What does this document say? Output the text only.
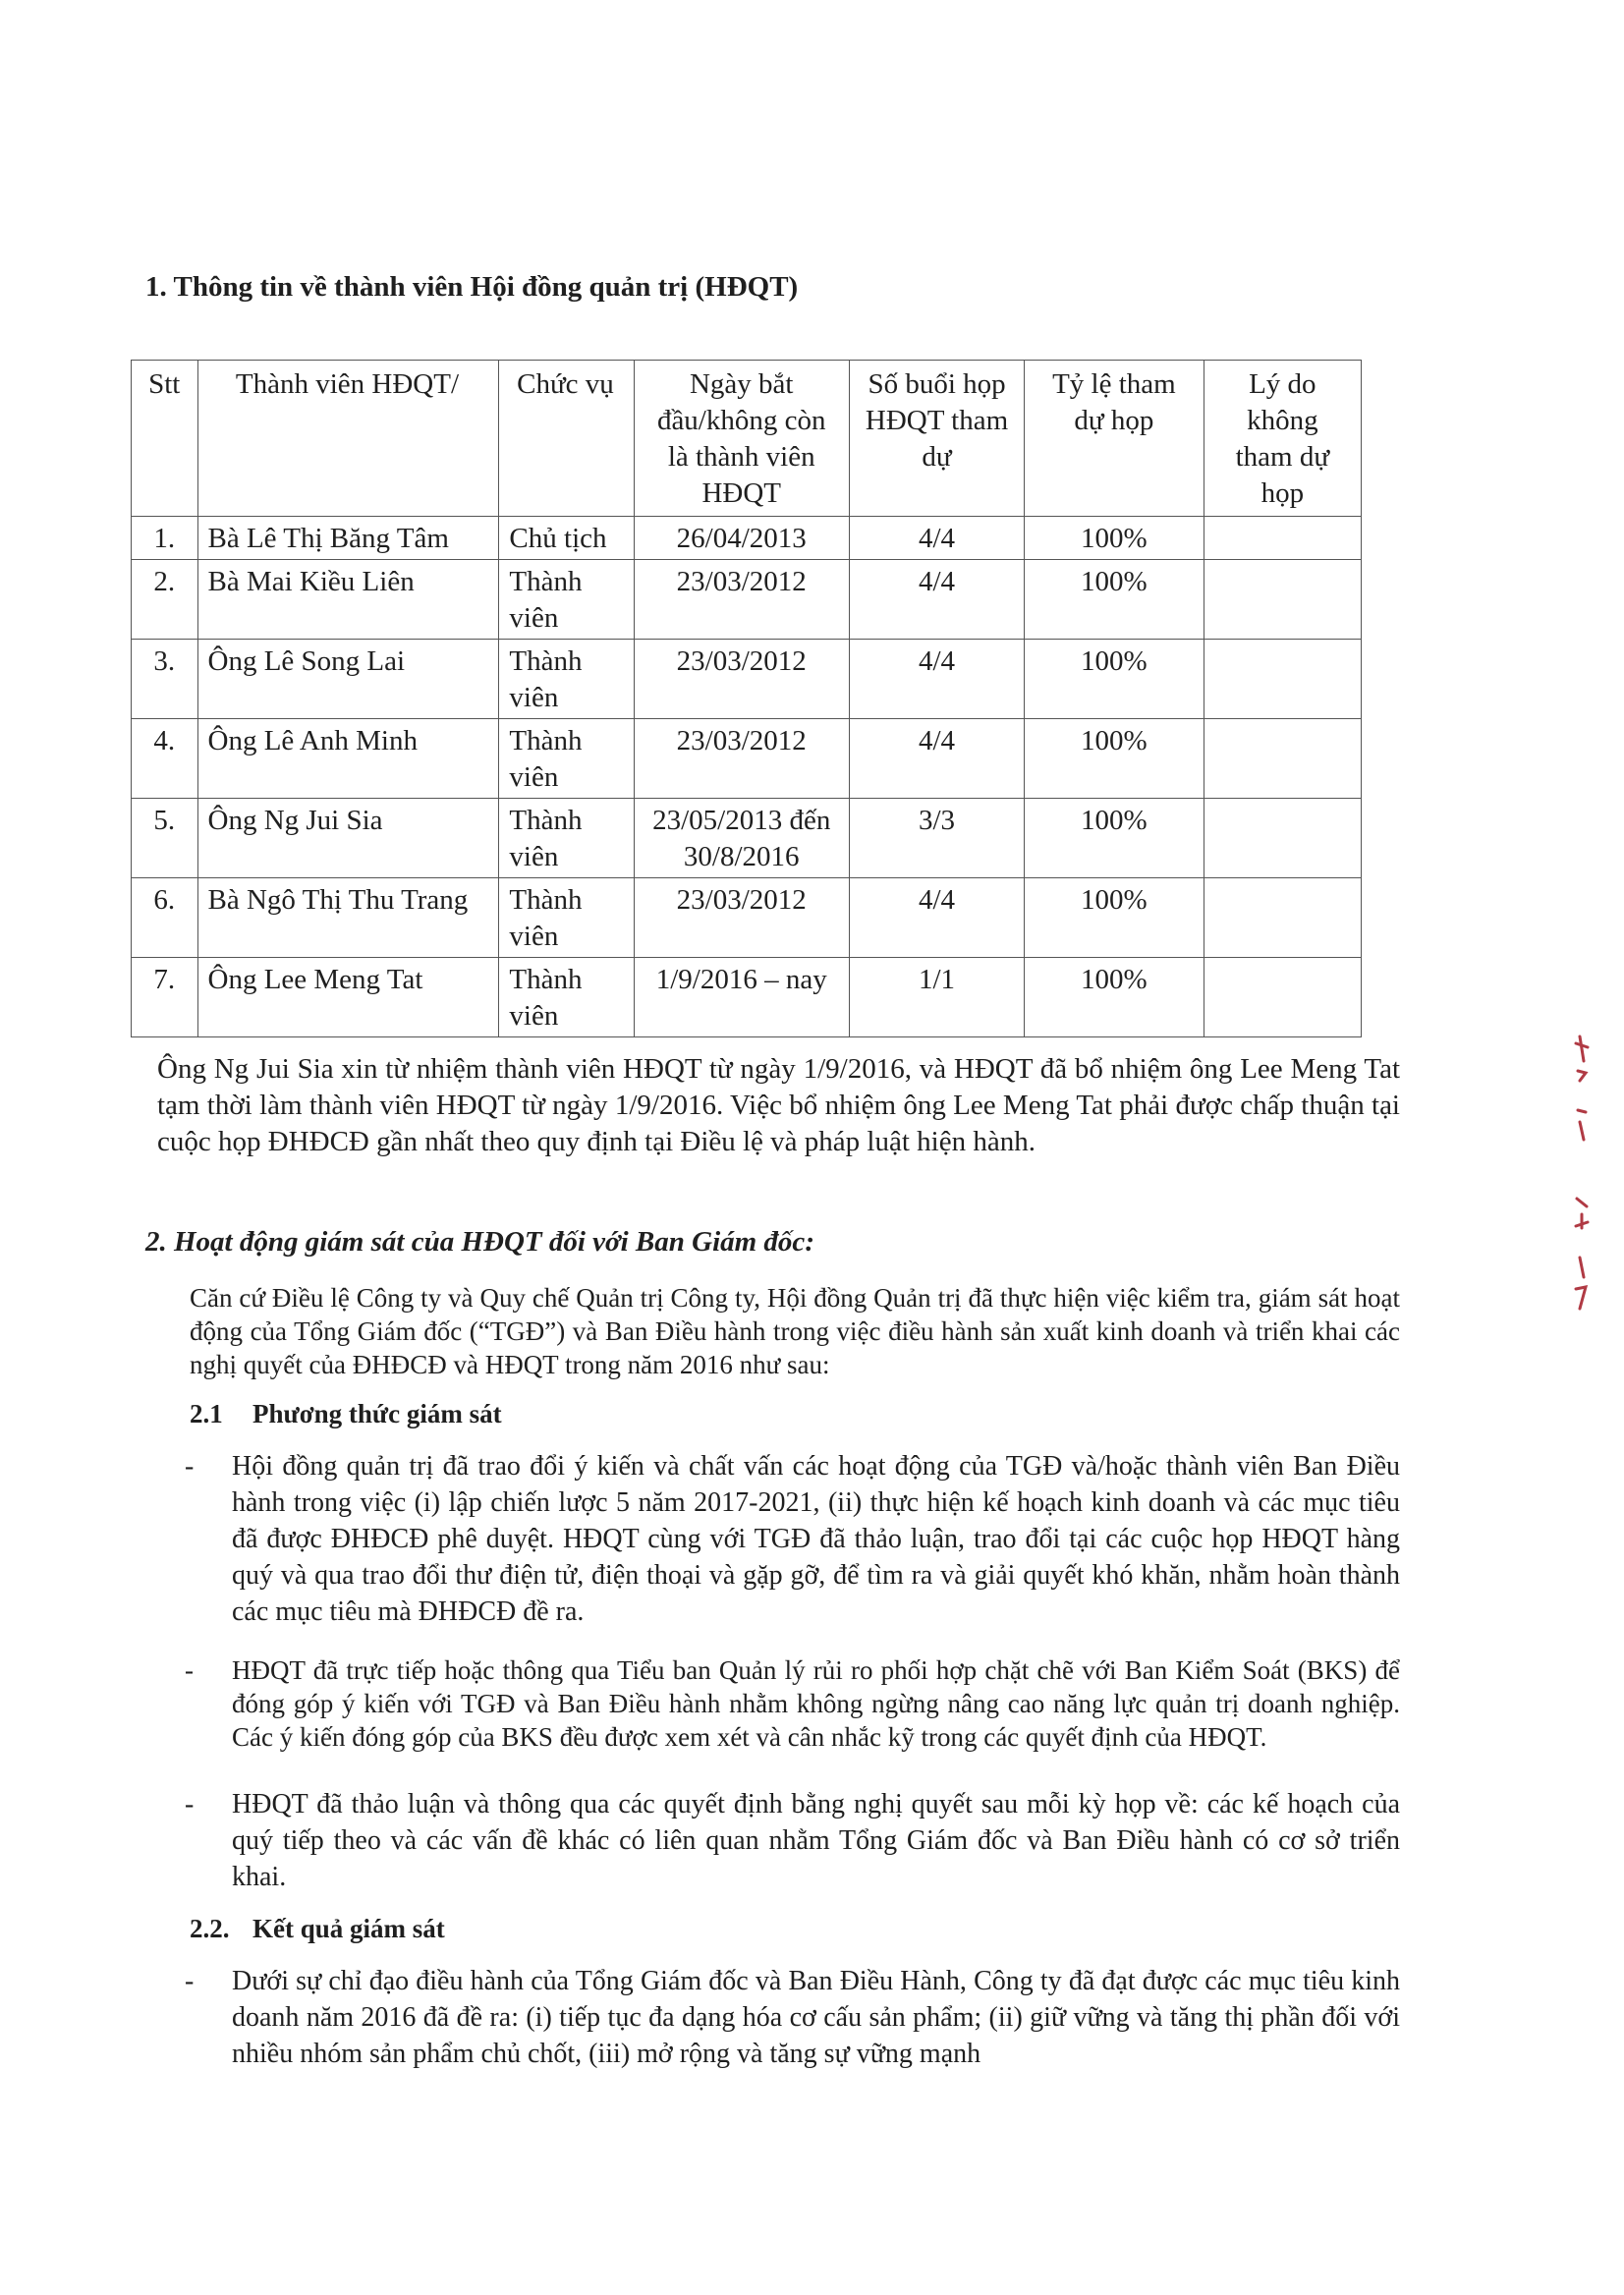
1. Thông tin về thành viên Hội đồng quản trị (HĐQT)

Stt	Thành viên HĐQT/	Chức vụ	Ngày bắt đầu/không còn là thành viên HĐQT	Số buổi họp HĐQT tham dự	Tỷ lệ tham dự họp	Lý do không tham dự họp
1.	Bà Lê Thị Băng Tâm	Chủ tịch	26/04/2013	4/4	100%	
2.	Bà Mai Kiều Liên	Thành viên	23/03/2012	4/4	100%	
3.	Ông Lê Song Lai	Thành viên	23/03/2012	4/4	100%	
4.	Ông Lê Anh Minh	Thành viên	23/03/2012	4/4	100%	
5.	Ông Ng Jui Sia	Thành viên	23/05/2013 đến 30/8/2016	3/3	100%	
6.	Bà Ngô Thị Thu Trang	Thành viên	23/03/2012	4/4	100%	
7.	Ông Lee Meng Tat	Thành viên	1/9/2016 – nay	1/1	100%	

Ông Ng Jui Sia xin từ nhiệm thành viên HĐQT từ ngày 1/9/2016, và HĐQT đã bổ nhiệm ông Lee Meng Tat tạm thời làm thành viên HĐQT từ ngày 1/9/2016. Việc bổ nhiệm ông Lee Meng Tat phải được chấp thuận tại cuộc họp ĐHĐCĐ gần nhất theo quy định tại Điều lệ và pháp luật hiện hành.

2. Hoạt động giám sát của HĐQT đối với Ban Giám đốc:

Căn cứ Điều lệ Công ty và Quy chế Quản trị Công ty, Hội đồng Quản trị đã thực hiện việc kiểm tra, giám sát hoạt động của Tổng Giám đốc (“TGĐ”) và Ban Điều hành trong việc điều hành sản xuất kinh doanh và triển khai các nghị quyết của ĐHĐCĐ và HĐQT trong năm 2016 như sau:

2.1 Phương thức giám sát

- Hội đồng quản trị đã trao đổi ý kiến và chất vấn các hoạt động của TGĐ và/hoặc thành viên Ban Điều hành trong việc (i) lập chiến lược 5 năm 2017-2021, (ii) thực hiện kế hoạch kinh doanh và các mục tiêu đã được ĐHĐCĐ phê duyệt. HĐQT cùng với TGĐ đã thảo luận, trao đổi tại các cuộc họp HĐQT hàng quý và qua trao đổi thư điện tử, điện thoại và gặp gỡ, để tìm ra và giải quyết khó khăn, nhằm hoàn thành các mục tiêu mà ĐHĐCĐ đề ra.
- HĐQT đã trực tiếp hoặc thông qua Tiểu ban Quản lý rủi ro phối hợp chặt chẽ với Ban Kiểm Soát (BKS) để đóng góp ý kiến với TGĐ và Ban Điều hành nhằm không ngừng nâng cao năng lực quản trị doanh nghiệp. Các ý kiến đóng góp của BKS đều được xem xét và cân nhắc kỹ trong các quyết định của HĐQT.
- HĐQT đã thảo luận và thông qua các quyết định bằng nghị quyết sau mỗi kỳ họp về: các kế hoạch của quý tiếp theo và các vấn đề khác có liên quan nhằm Tổng Giám đốc và Ban Điều hành có cơ sở triển khai.

2.2. Kết quả giám sát

- Dưới sự chỉ đạo điều hành của Tổng Giám đốc và Ban Điều Hành, Công ty đã đạt được các mục tiêu kinh doanh năm 2016 đã đề ra: (i) tiếp tục đa dạng hóa cơ cấu sản phẩm; (ii) giữ vững và tăng thị phần đối với nhiều nhóm sản phẩm chủ chốt, (iii) mở rộng và tăng sự vững mạnh
